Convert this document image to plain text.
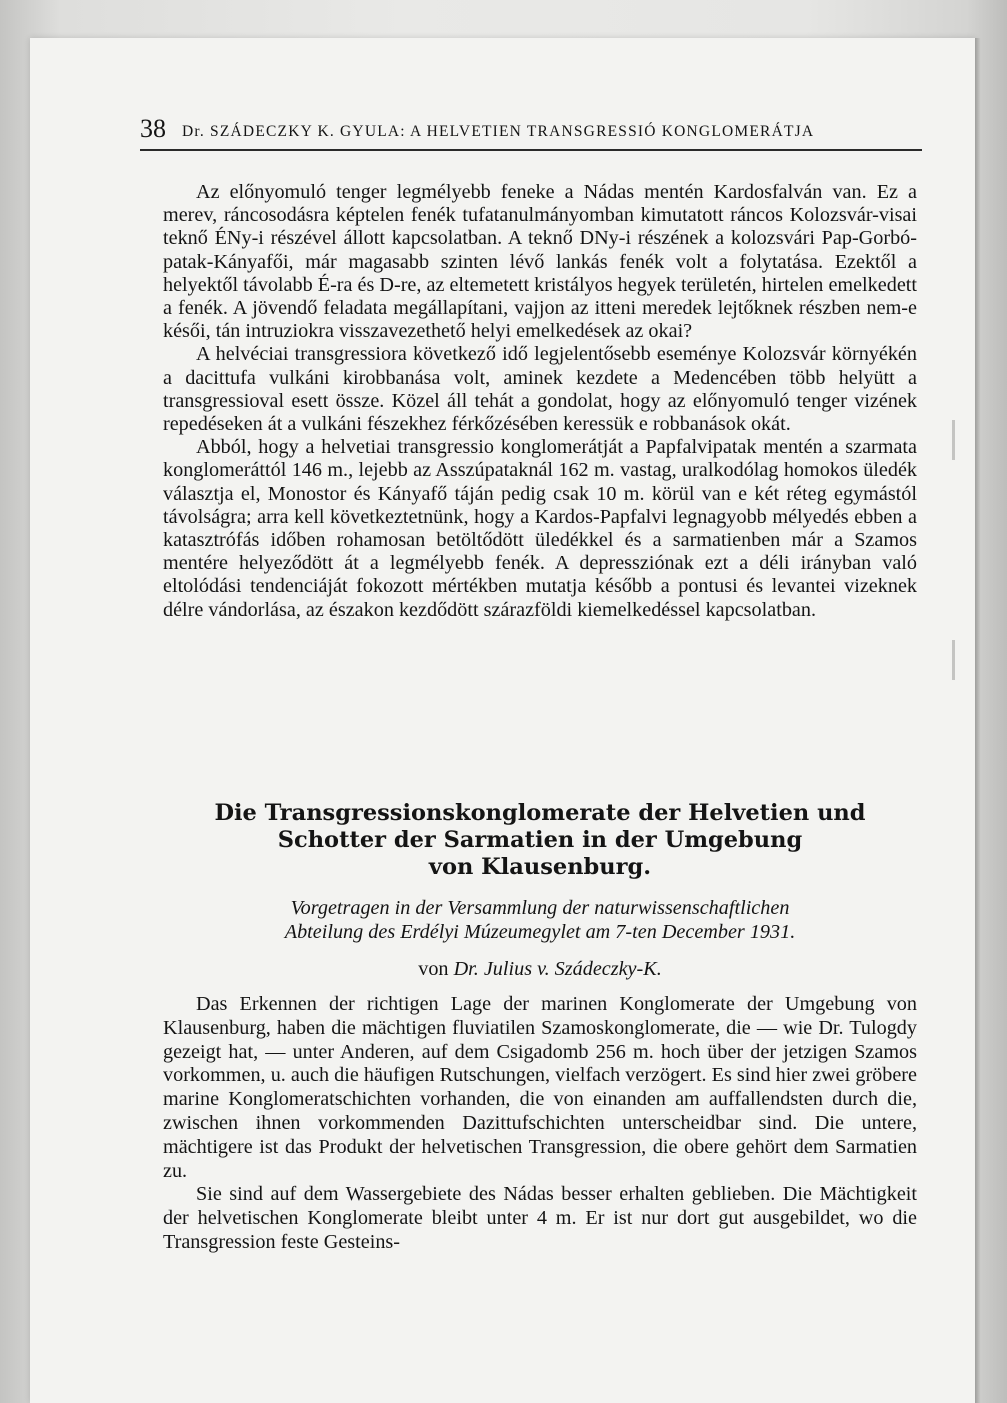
38 Dr. SZÁDECZKY K. GYULA: A HELVETIEN TRANSGRESSIÓ KONGLOMERÁTJA

Az előnyomuló tenger legmélyebb feneke a Nádas mentén Kardosfalván van. Ez a merev, ráncosodásra képtelen fenék tufatanulmányomban kimutatott ráncos Kolozsvár-visai teknő ÉNy-i részével állott kapcsolatban. A teknő DNy-i részének a kolozsvári Pap-Gorbó-patak-Kányafői, már magasabb szinten lévő lankás fenék volt a folytatása. Ezektől a helyektől távolabb É-ra és D-re, az eltemetett kristályos hegyek területén, hirtelen emelkedett a fenék. A jövendő feladata megállapítani, vajjon az itteni meredek lejtőknek részben nem-e késői, tán intruziokra visszavezethető helyi emelkedések az okai?

A helvéciai transgressiora következő idő legjelentősebb eseménye Kolozsvár környékén a dacittufa vulkáni kirobbanása volt, aminek kezdete a Medencében több helyütt a transgressioval esett össze. Közel áll tehát a gondolat, hogy az előnyomuló tenger vizének repedéseken át a vulkáni fészekhez férkőzésében keressük e robbanások okát.

Abból, hogy a helvetiai transgressio konglomerátját a Papfalvipatak mentén a szarmata konglomeráttól 146 m., lejebb az Asszúpataknál 162 m. vastag, uralkodólag homokos üledék választja el, Monostor és Kányafő táján pedig csak 10 m. körül van e két réteg egymástól távolságra; arra kell következtetnünk, hogy a Kardos-Papfalvi legnagyobb mélyedés ebben a katasztrófás időben rohamosan betöltődött üledékkel és a sarmatienben már a Szamos mentére helyeződött át a legmélyebb fenék. A depressziónak ezt a déli irányban való eltolódási tendenciáját fokozott mértékben mutatja később a pontusi és levantei vizeknek délre vándorlása, az északon kezdődött szárazföldi kiemelkedéssel kapcsolatban.

Die Transgressionskonglomerate der Helvetien und
Schotter der Sarmatien in der Umgebung
von Klausenburg.
Vorgetragen in der Versammlung der naturwissenschaftlichen
Abteilung des Erdélyi Múzeumegylet am 7-ten December 1931.
von Dr. Julius v. Szádeczky-K.

Das Erkennen der richtigen Lage der marinen Konglomerate der Umgebung von Klausenburg, haben die mächtigen fluviatilen Szamoskonglomerate, die — wie Dr. Tulogdy gezeigt hat, — unter Anderen, auf dem Csigadomb 256 m. hoch über der jetzigen Szamos vorkommen, u. auch die häufigen Rutschungen, vielfach verzögert. Es sind hier zwei gröbere marine Konglomeratschichten vorhanden, die von einanden am auffallendsten durch die, zwischen ihnen vorkommenden Dazittufschichten unterscheidbar sind. Die untere, mächtigere ist das Produkt der helvetischen Transgression, die obere gehört dem Sarmatien zu.

Sie sind auf dem Wassergebiete des Nádas besser erhalten geblieben. Die Mächtigkeit der helvetischen Konglomerate bleibt unter 4 m. Er ist nur dort gut ausgebildet, wo die Transgression feste Gesteins-
